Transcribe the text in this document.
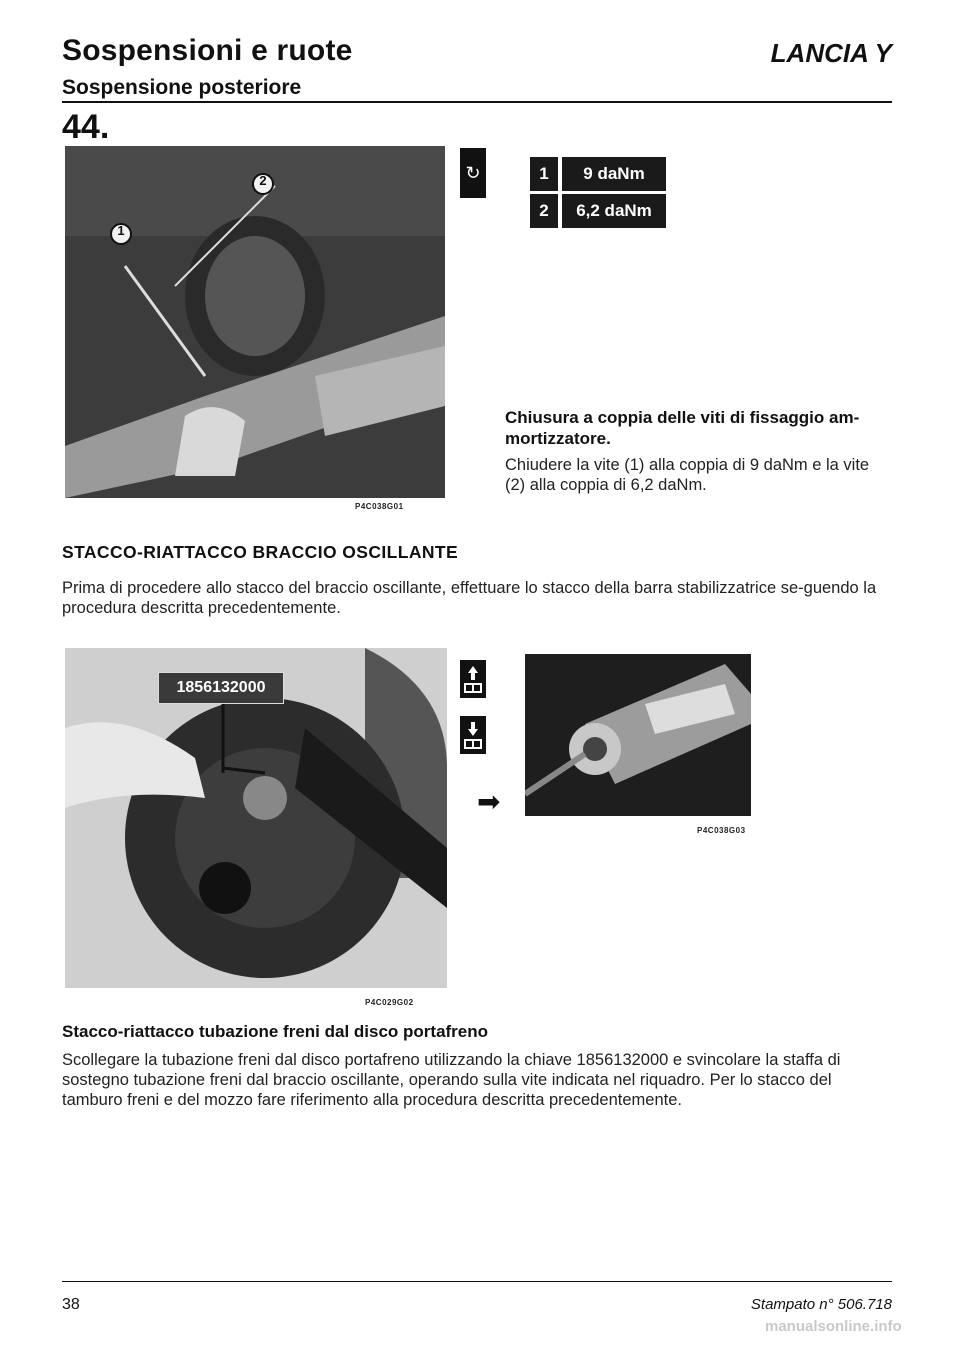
Sospensioni e ruote	LANCIA Y
Sospensione posteriore
44.
2
1
P4C038G01
↻	1	9 daNm
2	6,2 daNm
Chiusura a coppia delle viti di fissaggio am-mortizzatore.
Chiudere la vite (1) alla coppia di 9 daNm e la vite (2) alla coppia di 6,2 daNm.
STACCO-RIATTACCO BRACCIO OSCILLANTE
Prima di procedere allo stacco del braccio oscillante, effettuare lo stacco della barra stabilizzatrice se-guendo la procedura descritta precedentemente.
1856132000
P4C029G02
➡
P4C038G03
Stacco-riattacco tubazione freni dal disco portafreno
Scollegare la tubazione freni dal disco portafreno utilizzando la chiave 1856132000 e svincolare la staffa di sostegno tubazione freni dal braccio oscillante, operando sulla vite indicata nel riquadro. Per lo stacco del tamburo freni e del mozzo fare riferimento alla procedura descritta precedentemente.
38	Stampato n° 506.718
manualsonline.info
